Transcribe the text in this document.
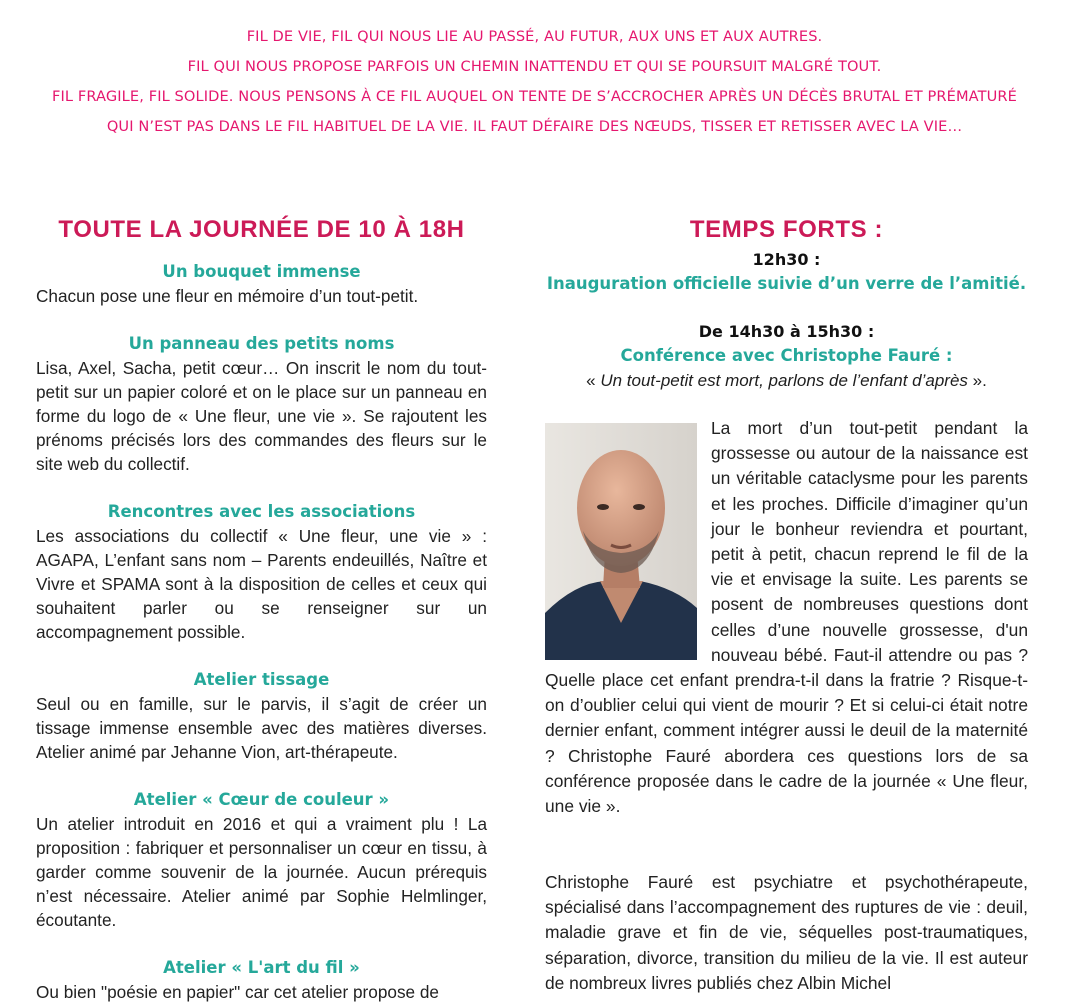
FIL DE VIE, FIL QUI NOUS LIE AU PASSÉ, AU FUTUR, AUX UNS ET AUX AUTRES.
FIL QUI NOUS PROPOSE PARFOIS UN CHEMIN INATTENDU ET QUI SE POURSUIT MALGRÉ TOUT.
FIL FRAGILE, FIL SOLIDE. NOUS PENSONS À CE FIL AUQUEL ON TENTE DE S’ACCROCHER APRÈS UN DÉCÈS BRUTAL ET PRÉMATURÉ
QUI N’EST PAS DANS LE FIL HABITUEL DE LA VIE. IL FAUT DÉFAIRE DES NŒUDS, TISSER ET RETISSER AVEC LA VIE…
TOUTE LA JOURNÉE DE 10 À 18H
Un bouquet immense
Chacun pose une fleur en mémoire d’un tout-petit.
Un panneau des petits noms
Lisa, Axel, Sacha, petit cœur… On inscrit le nom du tout-petit sur un papier coloré et on le place sur un panneau en forme du logo de « Une fleur, une vie ». Se rajoutent les prénoms précisés lors des commandes des fleurs sur le site web du collectif.
Rencontres avec les associations
Les associations du collectif « Une fleur, une vie » : AGAPA, L’enfant sans nom – Parents endeuillés, Naître et Vivre et SPAMA sont à la disposition de celles et ceux qui souhaitent parler ou se renseigner sur un accompagnement possible.
Atelier tissage
Seul ou en famille, sur le parvis, il s’agit de créer un tissage immense ensemble avec des matières diverses. Atelier animé par Jehanne Vion, art-thérapeute.
Atelier « Cœur de couleur »
Un atelier introduit en 2016 et qui a vraiment plu ! La proposition : fabriquer et personnaliser un cœur en tissu, à garder comme souvenir de la journée. Aucun prérequis n’est nécessaire. Atelier animé par Sophie Helmlinger, écoutante.
Atelier « L'art du fil »
Ou bien "poésie en papier" car cet atelier propose de
TEMPS FORTS :
12h30 :
Inauguration officielle suivie d’un verre de l’amitié.
De 14h30 à 15h30 :
Conférence avec Christophe Fauré :
« Un tout-petit est mort, parlons de l’enfant d’après ».
La mort d’un tout-petit pendant la grossesse ou autour de la naissance est un véritable cataclysme pour les parents et les proches. Difficile d’imaginer qu’un jour le bonheur reviendra et pourtant, petit à petit, chacun reprend le fil de la vie et envisage la suite. Les parents se posent de nombreuses questions dont celles d’une nouvelle grossesse, d'un nouveau bébé. Faut-il attendre ou pas ? Quelle place cet enfant prendra-t-il dans la fratrie ? Risque-t-on d’oublier celui qui vient de mourir ? Et si celui-ci était notre dernier enfant, comment intégrer aussi le deuil de la maternité ? Christophe Fauré abordera ces questions lors de sa conférence proposée dans le cadre de la journée « Une fleur, une vie ».
Christophe Fauré est psychiatre et psychothérapeute, spécialisé dans l’accompagnement des ruptures de vie : deuil, maladie grave et fin de vie, séquelles post-traumatiques, séparation, divorce, transition du milieu de la vie. Il est auteur de nombreux livres publiés chez Albin Michel
